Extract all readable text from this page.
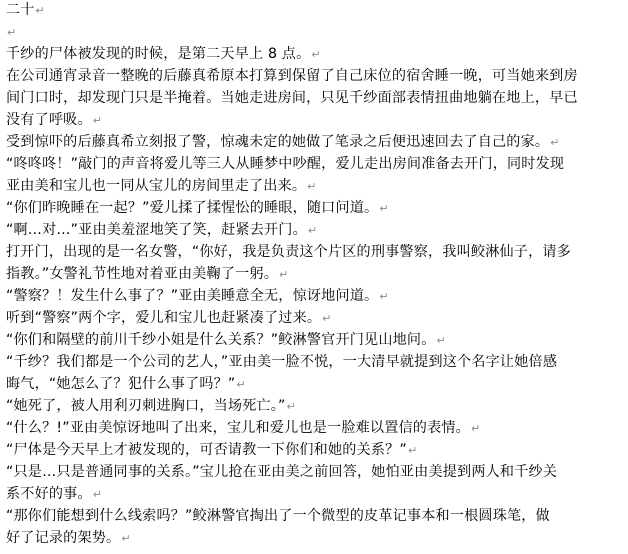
二十↵
↵
千纱的尸体被发现的时候，是第二天早上 8 点。↵
在公司通宵录音一整晚的后藤真希原本打算到保留了自己床位的宿舍睡一晚，可当她来到房
间门口时，却发现门只是半掩着。当她走进房间，只见千纱面部表情扭曲地躺在地上，早已
没有了呼吸。↵
受到惊吓的后藤真希立刻报了警，惊魂未定的她做了笔录之后便迅速回去了自己的家。↵
“咚咚咚！”敲门的声音将爱儿等三人从睡梦中吵醒，爱儿走出房间准备去开门，同时发现
亚由美和宝儿也一同从宝儿的房间里走了出来。↵
“你们昨晚睡在一起？”爱儿揉了揉惺忪的睡眼，随口问道。↵
“啊…对…”亚由美羞涩地笑了笑，赶紧去开门。↵
打开门，出现的是一名女警，“你好，我是负责这个片区的刑事警察，我叫鲛淋仙子，请多
指教。”女警礼节性地对着亚由美鞠了一躬。↵
“警察？！发生什么事了？”亚由美睡意全无，惊讶地问道。↵
听到“警察”两个字，爱儿和宝儿也赶紧凑了过来。↵
“你们和隔壁的前川千纱小姐是什么关系？”鲛淋警官开门见山地问。↵
“千纱？我们都是一个公司的艺人，”亚由美一脸不悦，一大清早就提到这个名字让她倍感
晦气，“她怎么了？犯什么事了吗？”↵
“她死了，被人用利刃刺进胸口，当场死亡。”↵
“什么？!”亚由美惊讶地叫了出来，宝儿和爱儿也是一脸难以置信的表情。↵
“尸体是今天早上才被发现的，可否请教一下你们和她的关系？”↵
“只是…只是普通同事的关系。”宝儿抢在亚由美之前回答，她怕亚由美提到两人和千纱关
系不好的事。↵
“那你们能想到什么线索吗？”鲛淋警官掏出了一个微型的皮革记事本和一根圆珠笔，做
好了记录的架势。↵
